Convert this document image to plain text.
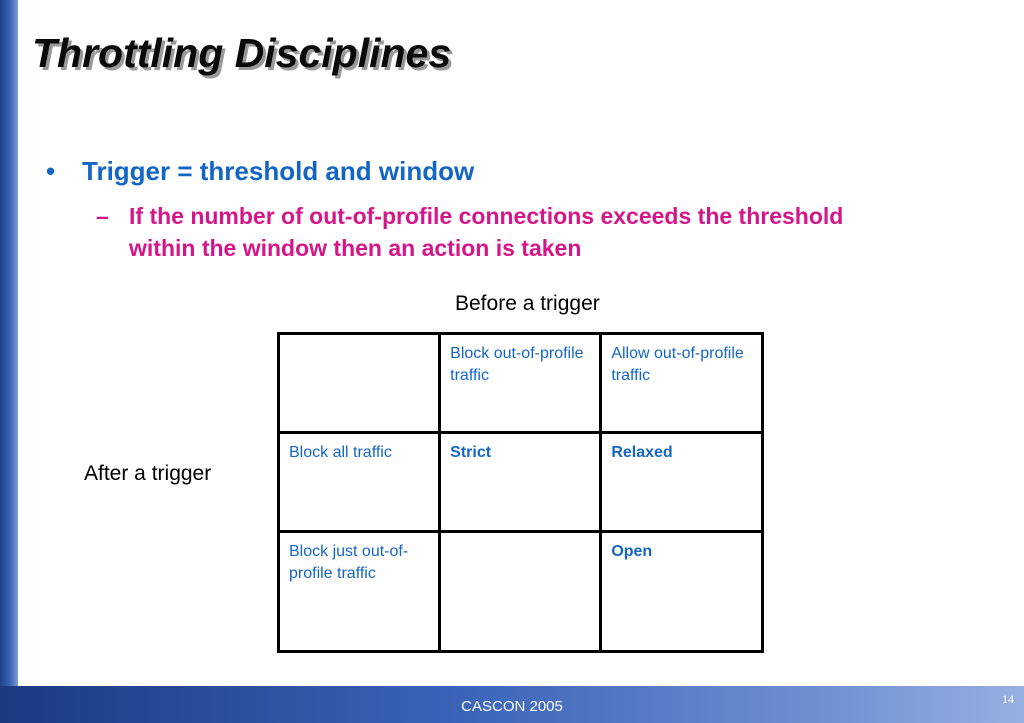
Throttling Disciplines
• Trigger = threshold and window
– If the number of out-of-profile connections exceeds the threshold within the window then an action is taken
Before a trigger
After a trigger
	Block out-of-profile traffic	Allow out-of-profile traffic
Block all traffic	Strict	Relaxed
Block just out-of-profile traffic		Open
CASCON 2005	14
